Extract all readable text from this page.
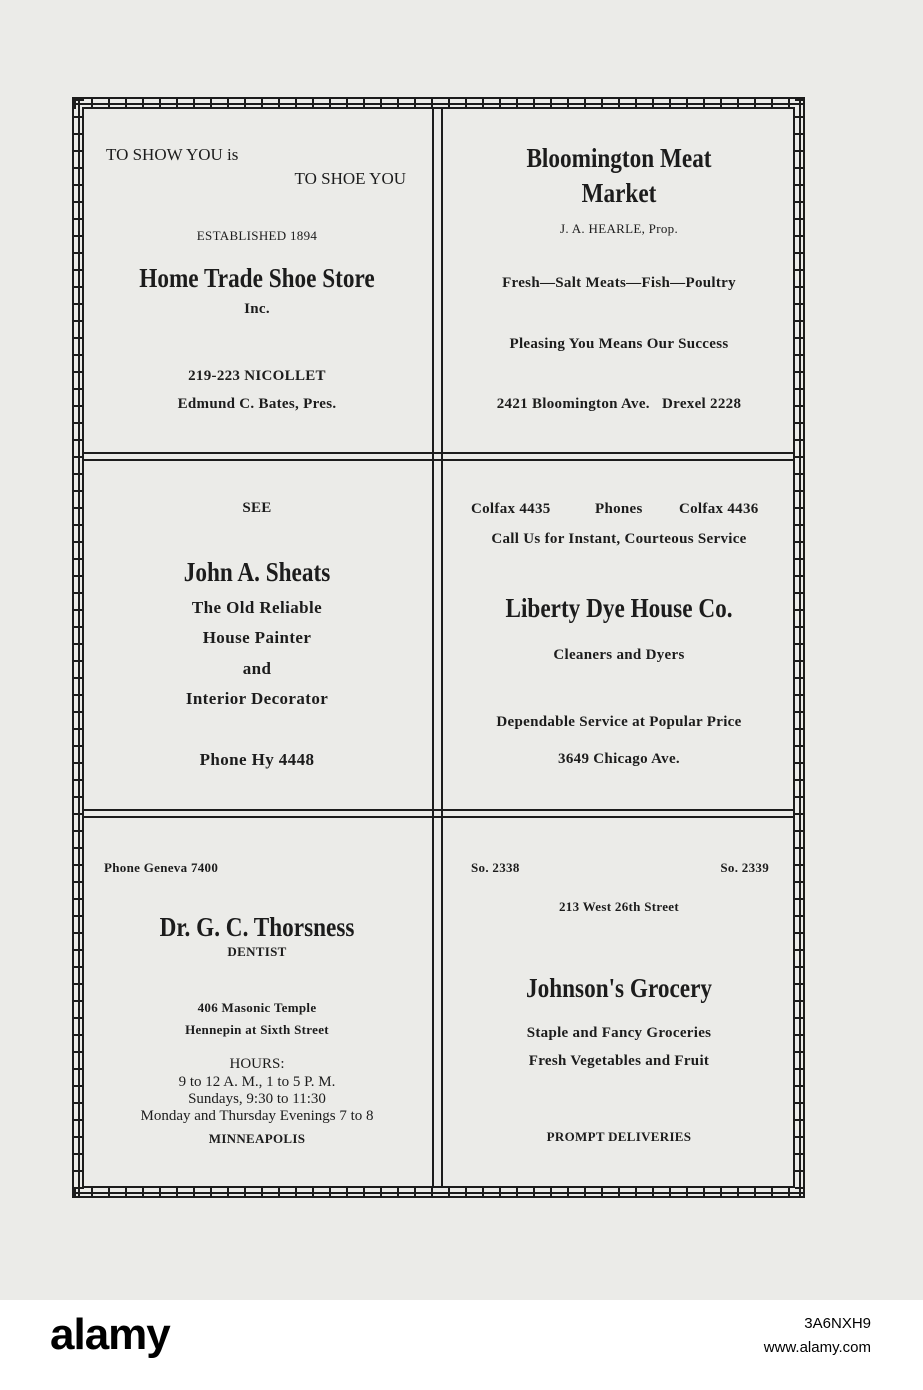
TO SHOW YOU is
TO SHOE YOU
ESTABLISHED 1894
Home Trade Shoe Store
Inc.
219-223 NICOLLET
Edmund C. Bates, Pres.
Bloomington Meat
Market
J. A. HEARLE, Prop.
Fresh—Salt Meats—Fish—Poultry
Pleasing You Means Our Success
2421 Bloomington Ave. Drexel 2228
SEE
John A. Sheats
The Old Reliable
House Painter
and
Interior Decorator
Phone Hy 4448
Colfax 4435	Phones Colfax 4436
Call Us for Instant, Courteous Service
Liberty Dye House Co.
Cleaners and Dyers
Dependable Service at Popular Price
3649 Chicago Ave.
Phone Geneva 7400
Dr. G. C. Thorsness
DENTIST
406 Masonic Temple
Hennepin at Sixth Street
HOURS:
9 to 12 A. M., 1 to 5 P. M.
Sundays, 9:30 to 11:30
Monday and Thursday Evenings 7 to 8
MINNEAPOLIS
So. 2338	So. 2339
213 West 26th Street
Johnson's Grocery
Staple and Fancy Groceries
Fresh Vegetables and Fruit
PROMPT DELIVERIES
alamy	3A6NXH9
www.alamy.com
